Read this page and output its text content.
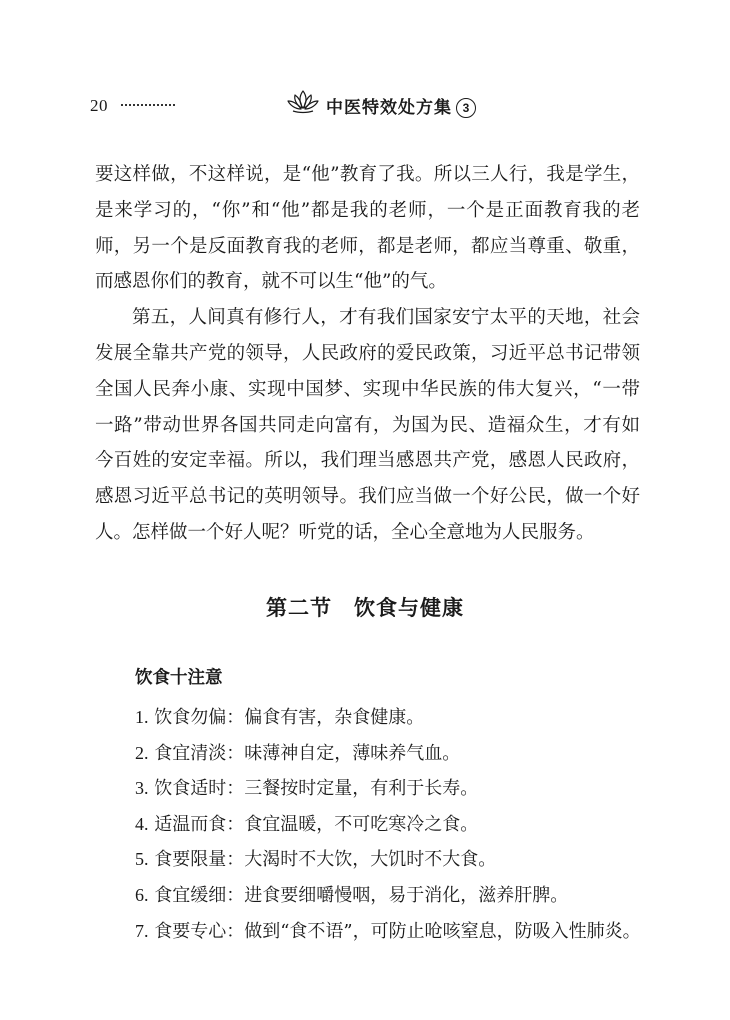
20	中医特效处方集 3

要这样做，不这样说，是“他”教育了我。所以三人行，我是学生，是来学习的，“你”和“他”都是我的老师，一个是正面教育我的老师，另一个是反面教育我的老师，都是老师，都应当尊重、敬重，而感恩你们的教育，就不可以生“他”的气。

第五，人间真有修行人，才有我们国家安宁太平的天地，社会发展全靠共产党的领导，人民政府的爱民政策，习近平总书记带领全国人民奔小康、实现中国梦、实现中华民族的伟大复兴，“一带一路”带动世界各国共同走向富有，为国为民、造福众生，才有如今百姓的安定幸福。所以，我们理当感恩共产党，感恩人民政府，感恩习近平总书记的英明领导。我们应当做一个好公民，做一个好人。怎样做一个好人呢？听党的话，全心全意地为人民服务。

第二节　饮食与健康
饮食十注意
1. 饮食勿偏：偏食有害，杂食健康。
2. 食宜清淡：味薄神自定，薄味养气血。
3. 饮食适时：三餐按时定量，有利于长寿。
4. 适温而食：食宜温暖，不可吃寒冷之食。
5. 食要限量：大渴时不大饮，大饥时不大食。
6. 食宜缓细：进食要细嚼慢咽，易于消化，滋养肝脾。
7. 食要专心：做到“食不语”，可防止呛咳窒息，防吸入性肺炎。
